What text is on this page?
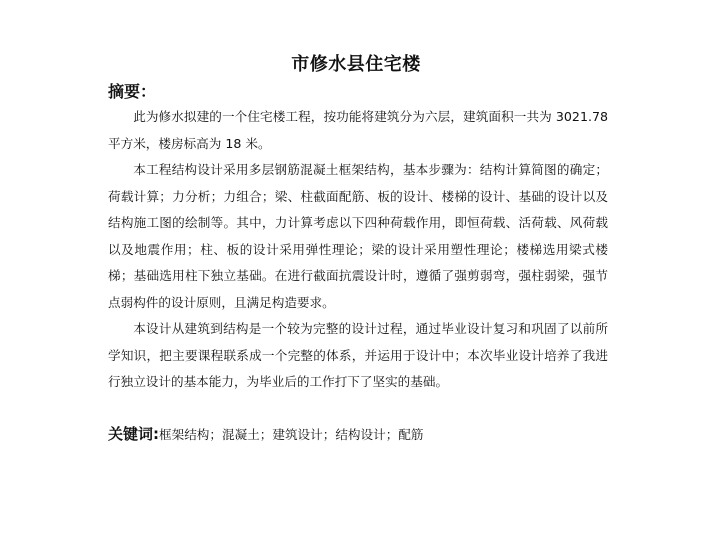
市修水县住宅楼
摘要：

此为修水拟建的一个住宅楼工程，按功能将建筑分为六层，建筑面积一共为 3021.78 平方米，楼房标高为 18 米。

本工程结构设计采用多层钢筋混凝土框架结构，基本步骤为：结构计算简图的确定；荷载计算；力分析；力组合；梁、柱截面配筋、板的设计、楼梯的设计、基础的设计以及结构施工图的绘制等。其中，力计算考虑以下四种荷载作用，即恒荷载、活荷载、风荷载以及地震作用；柱、板的设计采用弹性理论；梁的设计采用塑性理论；楼梯选用梁式楼梯；基础选用柱下独立基础。在进行截面抗震设计时，遵循了强剪弱弯，强柱弱梁，强节点弱构件的设计原则，且满足构造要求。

本设计从建筑到结构是一个较为完整的设计过程，通过毕业设计复习和巩固了以前所学知识，把主要课程联系成一个完整的体系，并运用于设计中；本次毕业设计培养了我进行独立设计的基本能力，为毕业后的工作打下了坚实的基础。

关键词:框架结构；混凝土；建筑设计；结构设计；配筋
